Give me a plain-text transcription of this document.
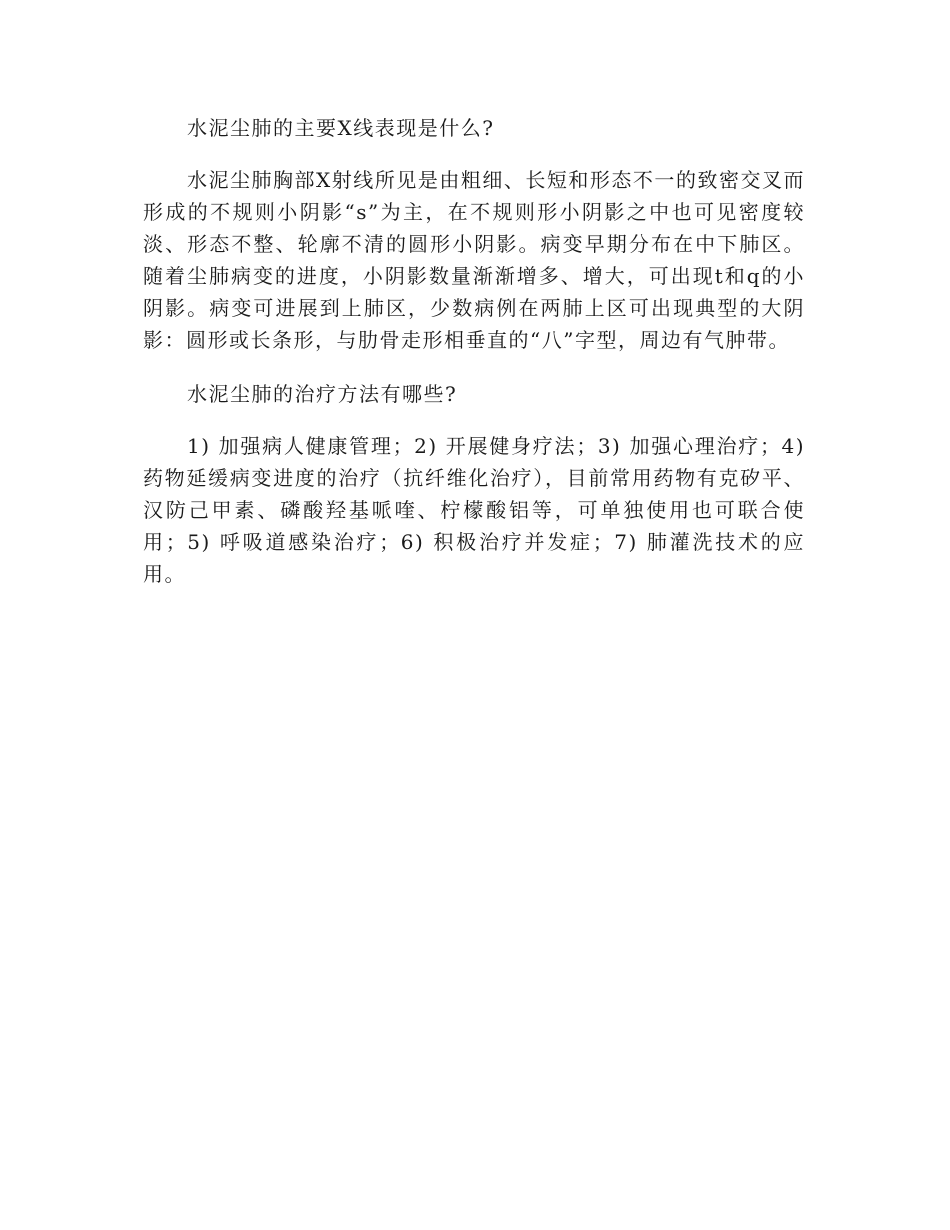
水泥尘肺的主要X线表现是什么?

水泥尘肺胸部X射线所见是由粗细、长短和形态不一的致密交叉而形成的不规则小阴影“s”为主，在不规则形小阴影之中也可见密度较淡、形态不整、轮廓不清的圆形小阴影。病变早期分布在中下肺区。随着尘肺病变的进度，小阴影数量渐渐增多、增大，可出现t和q的小阴影。病变可进展到上肺区，少数病例在两肺上区可出现典型的大阴影：圆形或长条形，与肋骨走形相垂直的“八”字型，周边有气肿带。

水泥尘肺的治疗方法有哪些?

1) 加强病人健康管理；2) 开展健身疗法；3) 加强心理治疗；4) 药物延缓病变进度的治疗（抗纤维化治疗），目前常用药物有克矽平、汉防己甲素、磷酸羟基哌喹、柠檬酸铝等，可单独使用也可联合使用；5) 呼吸道感染治疗；6) 积极治疗并发症；7) 肺灌洗技术的应用。
